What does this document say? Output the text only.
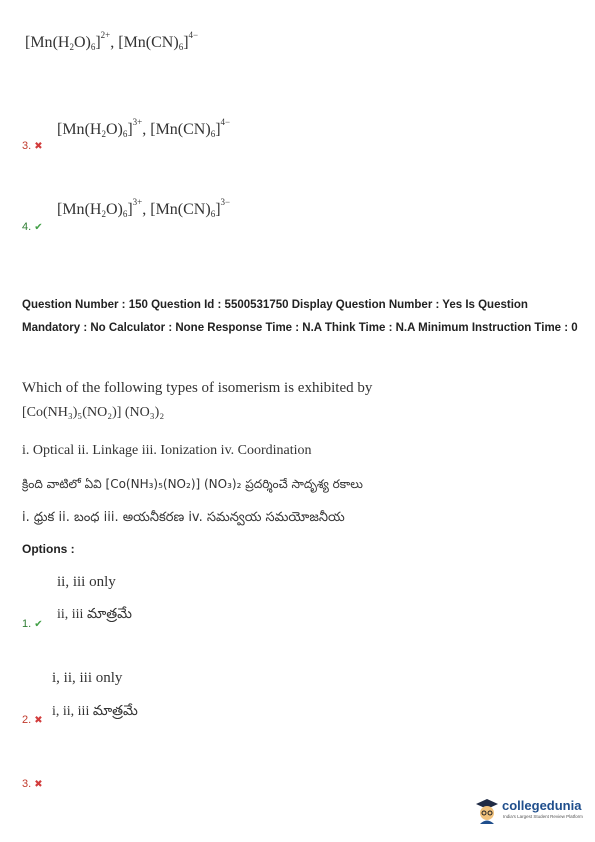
$[Mn(H_2O)_6]^{2+}$, $[Mn(CN)_6]^{4-}$
3. ✖
$[Mn(H_2O)_6]^{3+}$, $[Mn(CN)_6]^{4-}$
4. ✔
$[Mn(H_2O)_6]^{3+}$, $[Mn(CN)_6]^{3-}$
Question Number : 150 Question Id : 5500531750 Display Question Number : Yes Is Question Mandatory : No Calculator : None Response Time : N.A Think Time : N.A Minimum Instruction Time : 0
Which of the following types of isomerism is exhibited by
[Co(NH₃)₅(NO₂)] (NO₃)₂
i. Optical ii. Linkage iii. Ionization iv. Coordination
క్రింది వాటిలో ఏవి [Co(NH₃)₅(NO₂)] (NO₃)₂ ప్రదర్శించే సాదృశ్య రకాలు
i. ధ్రుక ii. బంధ iii. అయనీకరణ iv. సమన్వయ సమయోజనీయ
Options :
ii, iii only
ii, iii మాత్రమే
1. ✔
i, ii, iii only
i, ii, iii మాత్రమే
2. ✖
3. ✖
collegedunia
India's Largest Student Review Platform
